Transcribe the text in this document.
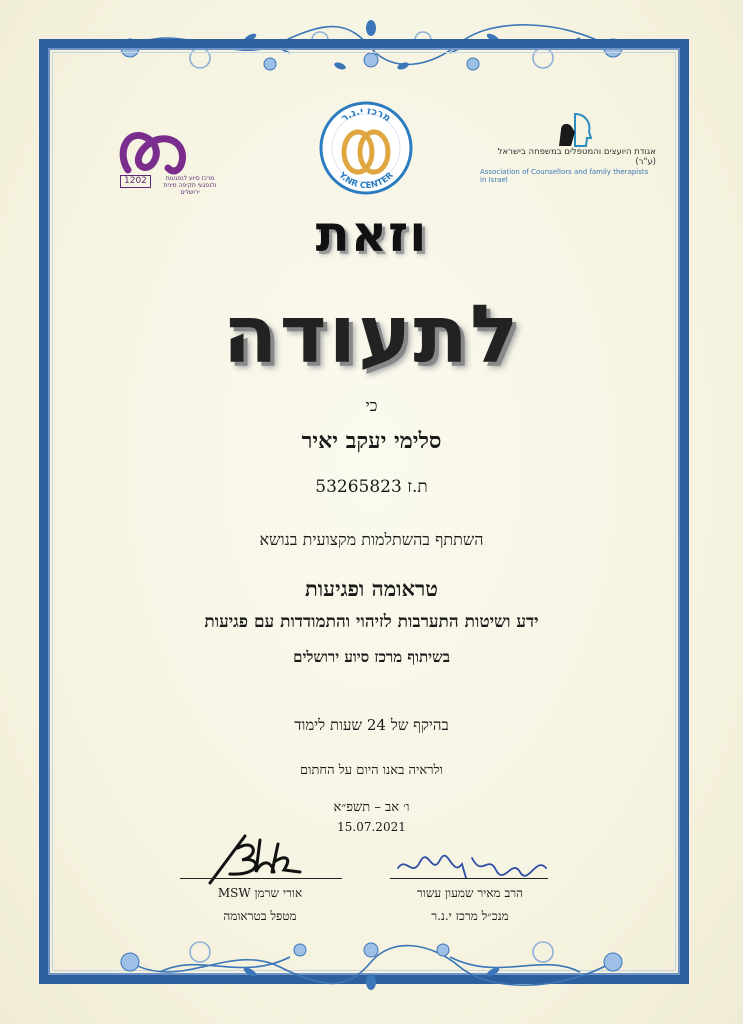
1202	מרכז סיוע לנפגעות ולנפגעי תקיפה מינית ירושלים
מרכז י.נ.ר
Y.NR CENTER
אגודת היועצים והמטפלים במשפחה בישראל (ע"ר)
Association of Counsellors and family therapists in Israel
וזאת
לתעודה
כי
סלימי יעקב יאיר
ת.ז 53265823
השתתף בהשתלמות מקצועית בנושא
טראומה ופגיעות
ידע ושיטות התערבות לזיהוי והתמודדות עם פגיעות
בשיתוף מרכז סיוע ירושלים
בהיקף של 24 שעות לימוד
ולראיה באנו היום על החתום
ו׳ אב – תשפ״א
15.07.2021
אורי שרמן MSW
מטפל בטראומה
הרב מאיר שמעון עשור
מנכ״ל מרכז י.נ.ר
